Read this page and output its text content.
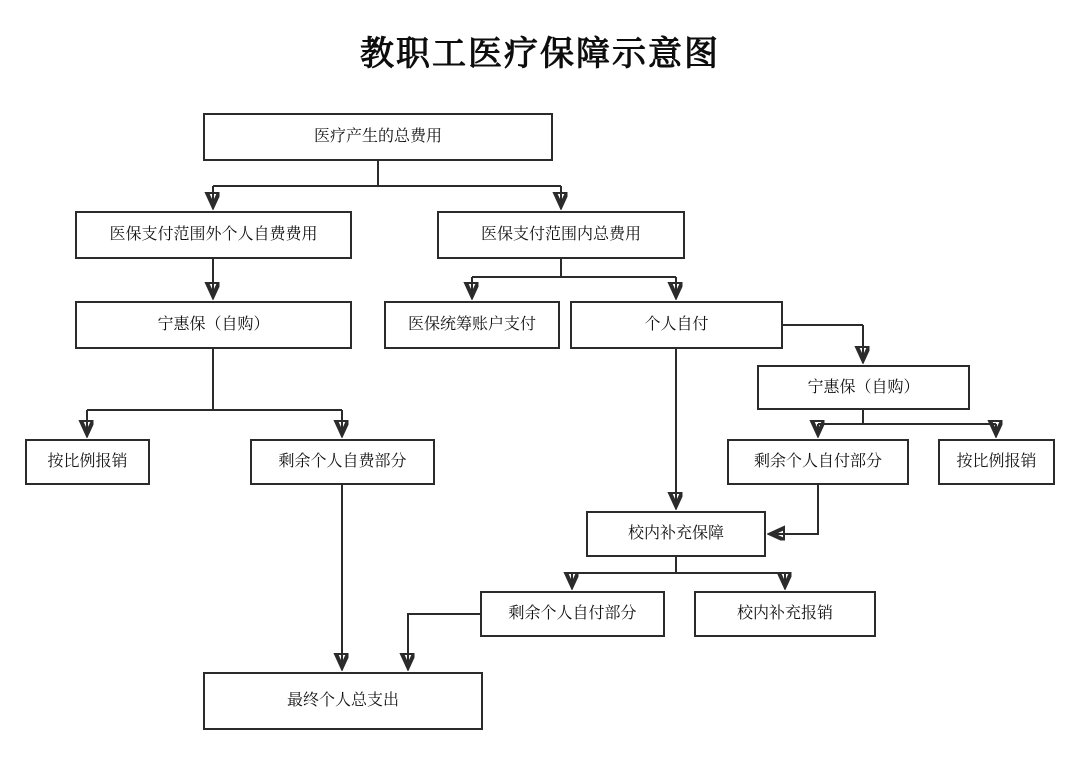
教职工医疗保障示意图
医疗产生的总费用
医保支付范围外个人自费费用	医保支付范围内总费用
宁惠保（自购）	医保统筹账户支付	个人自付
宁惠保（自购）
按比例报销	剩余个人自费部分	剩余个人自付部分	按比例报销
校内补充保障
剩余个人自付部分	校内补充报销
最终个人总支出
